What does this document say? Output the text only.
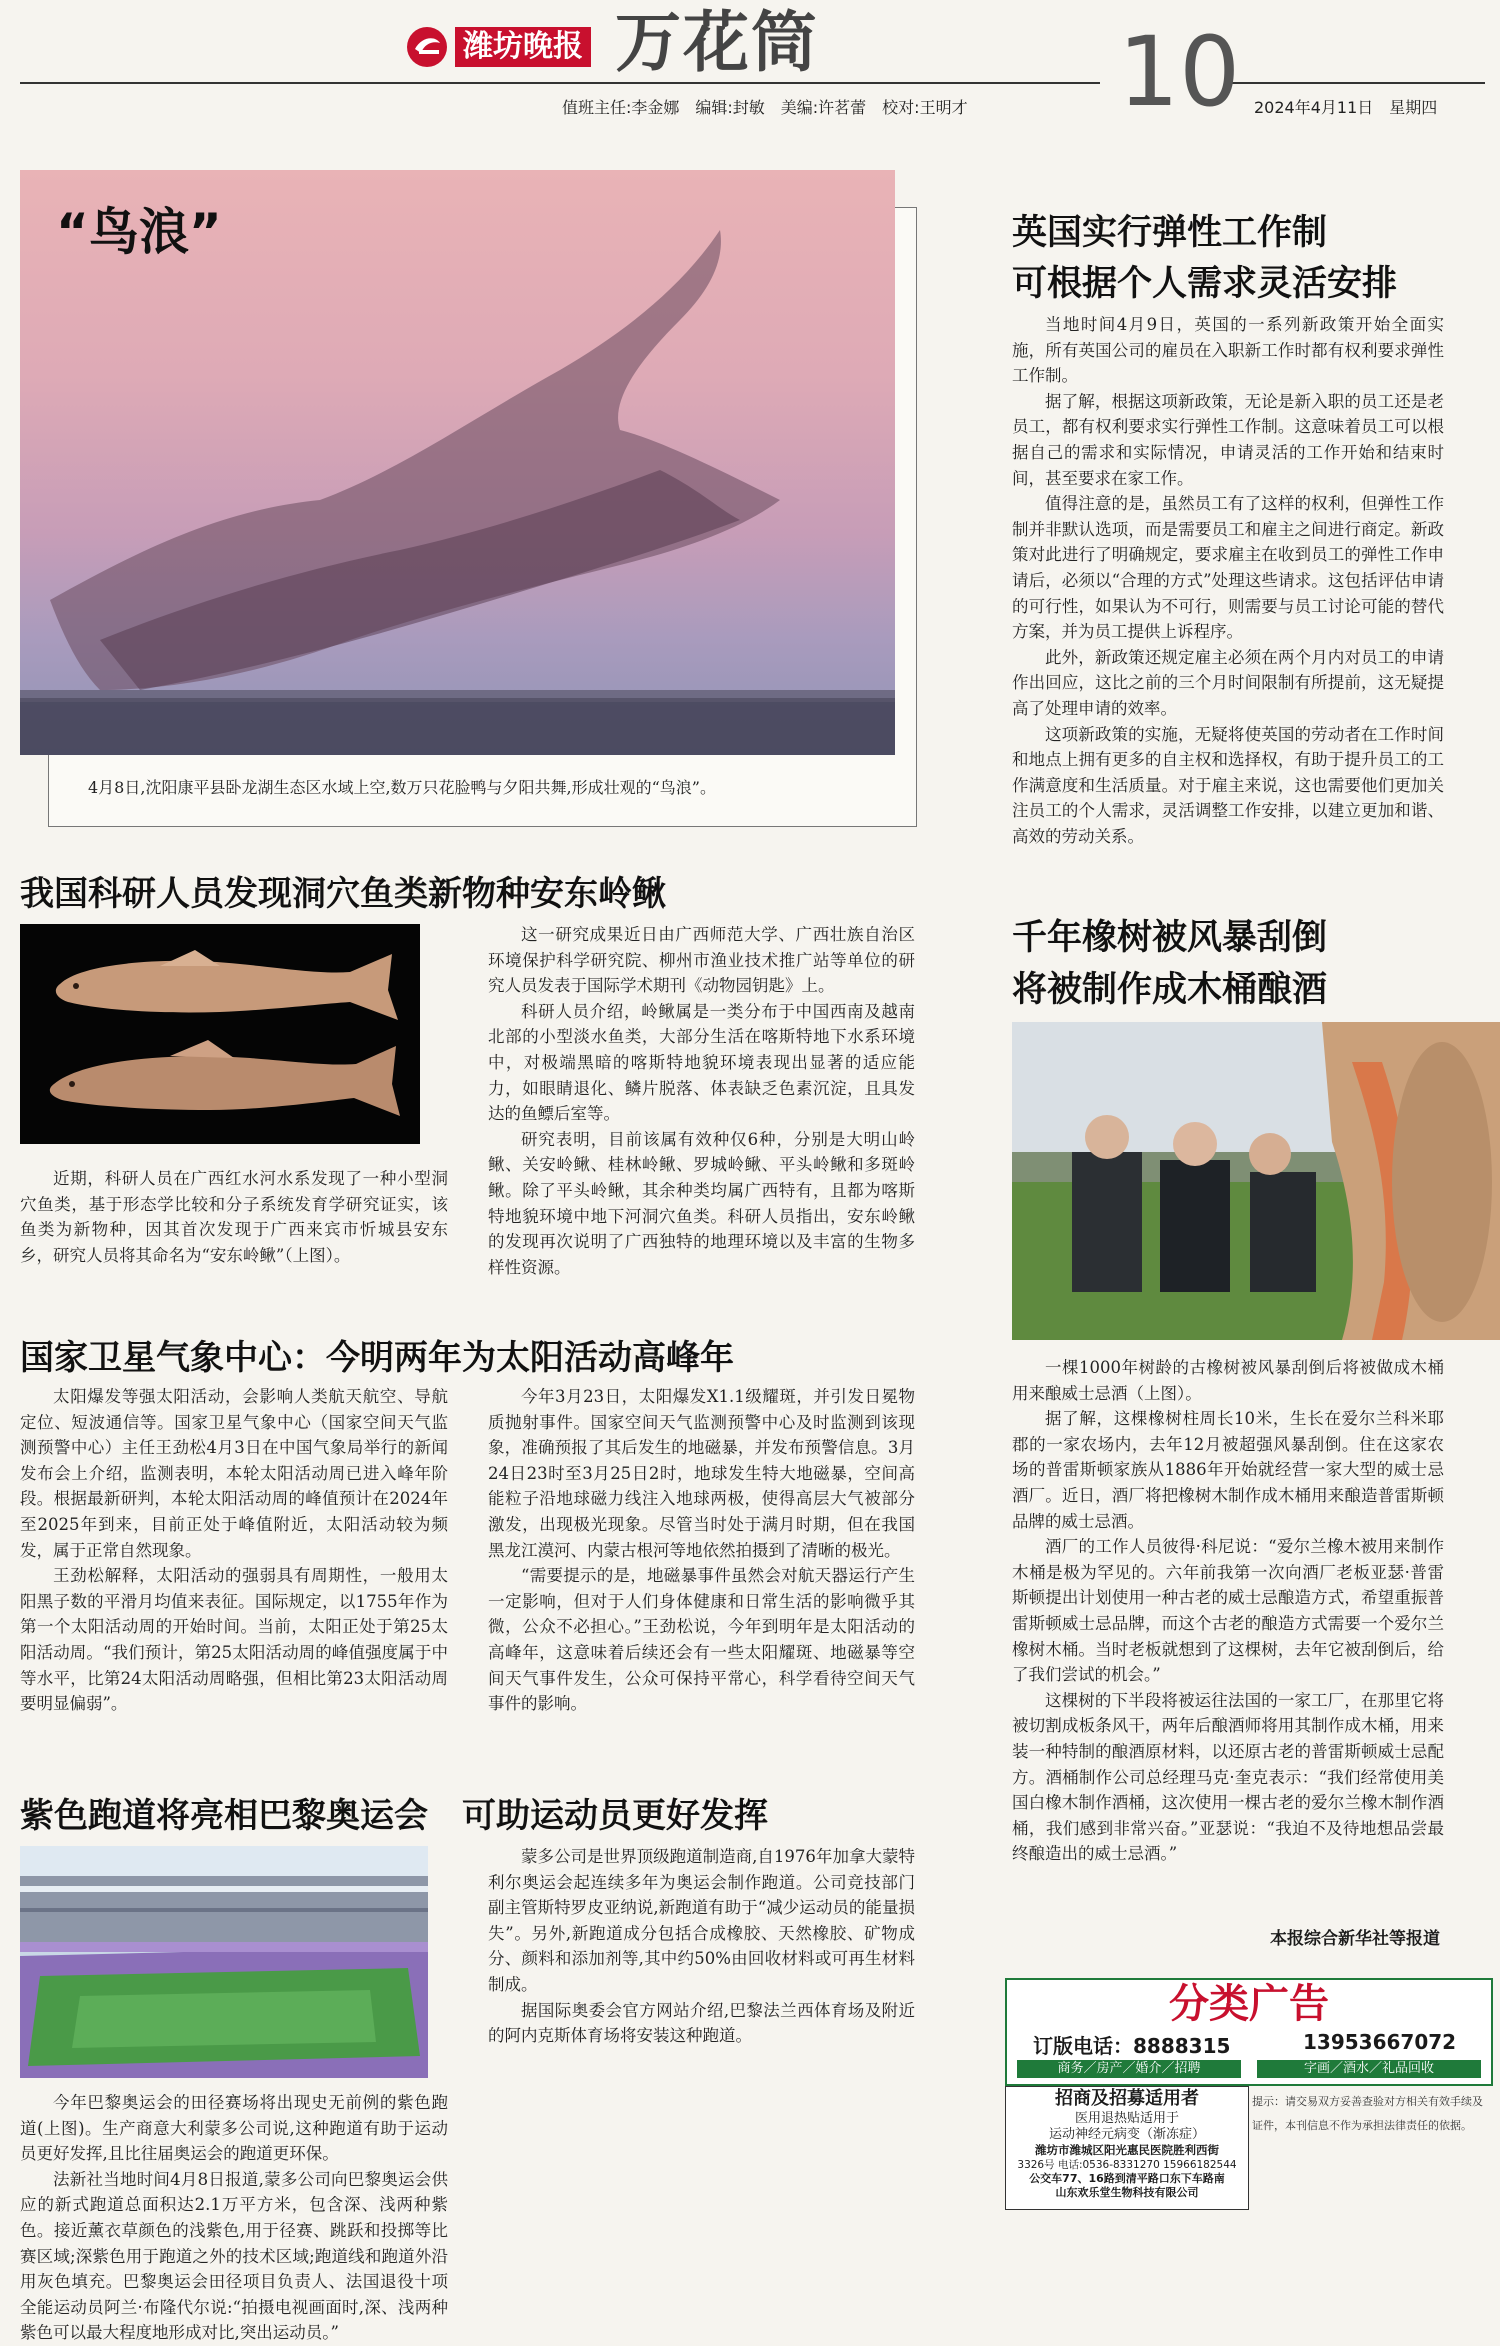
潍坊晚报 万花筒	10
值班主任:李金娜　编辑:封敏　美编:许茗蕾　校对:王明才	2024年4月11日　星期四
“鸟浪”
4月8日,沈阳康平县卧龙湖生态区水域上空,数万只花脸鸭与夕阳共舞,形成壮观的“鸟浪”。
我国科研人员发现洞穴鱼类新物种安东岭鳅

近期，科研人员在广西红水河水系发现了一种小型洞穴鱼类，基于形态学比较和分子系统发育学研究证实，该鱼类为新物种，因其首次发现于广西来宾市忻城县安东乡，研究人员将其命名为“安东岭鳅”（上图）。

这一研究成果近日由广西师范大学、广西壮族自治区环境保护科学研究院、柳州市渔业技术推广站等单位的研究人员发表于国际学术期刊《动物园钥匙》上。

科研人员介绍，岭鳅属是一类分布于中国西南及越南北部的小型淡水鱼类，大部分生活在喀斯特地下水系环境中，对极端黑暗的喀斯特地貌环境表现出显著的适应能力，如眼睛退化、鳞片脱落、体表缺乏色素沉淀，且具发达的鱼鳔后室等。

研究表明，目前该属有效种仅6种，分别是大明山岭鳅、关安岭鳅、桂林岭鳅、罗城岭鳅、平头岭鳅和多斑岭鳅。除了平头岭鳅，其余种类均属广西特有，且都为喀斯特地貌环境中地下河洞穴鱼类。科研人员指出，安东岭鳅的发现再次说明了广西独特的地理环境以及丰富的生物多样性资源。

国家卫星气象中心：今明两年为太阳活动高峰年

太阳爆发等强太阳活动，会影响人类航天航空、导航定位、短波通信等。国家卫星气象中心（国家空间天气监测预警中心）主任王劲松4月3日在中国气象局举行的新闻发布会上介绍，监测表明，本轮太阳活动周已进入峰年阶段。根据最新研判，本轮太阳活动周的峰值预计在2024年至2025年到来，目前正处于峰值附近，太阳活动较为频发，属于正常自然现象。

王劲松解释，太阳活动的强弱具有周期性，一般用太阳黑子数的平滑月均值来表征。国际规定，以1755年作为第一个太阳活动周的开始时间。当前，太阳正处于第25太阳活动周。“我们预计，第25太阳活动周的峰值强度属于中等水平，比第24太阳活动周略强，但相比第23太阳活动周要明显偏弱”。

今年3月23日，太阳爆发X1.1级耀斑，并引发日冕物质抛射事件。国家空间天气监测预警中心及时监测到该现象，准确预报了其后发生的地磁暴，并发布预警信息。3月24日23时至3月25日2时，地球发生特大地磁暴，空间高能粒子沿地球磁力线注入地球两极，使得高层大气被部分激发，出现极光现象。尽管当时处于满月时期，但在我国黑龙江漠河、内蒙古根河等地依然拍摄到了清晰的极光。

“需要提示的是，地磁暴事件虽然会对航天器运行产生一定影响，但对于人们身体健康和日常生活的影响微乎其微，公众不必担心。”王劲松说，今年到明年是太阳活动的高峰年，这意味着后续还会有一些太阳耀斑、地磁暴等空间天气事件发生，公众可保持平常心，科学看待空间天气事件的影响。

紫色跑道将亮相巴黎奥运会　可助运动员更好发挥

今年巴黎奥运会的田径赛场将出现史无前例的紫色跑道(上图)。生产商意大利蒙多公司说,这种跑道有助于运动员更好发挥,且比往届奥运会的跑道更环保。

法新社当地时间4月8日报道,蒙多公司向巴黎奥运会供应的新式跑道总面积达2.1万平方米，包含深、浅两种紫色。接近薰衣草颜色的浅紫色,用于径赛、跳跃和投掷等比赛区域;深紫色用于跑道之外的技术区域;跑道线和跑道外沿用灰色填充。巴黎奥运会田径项目负责人、法国退役十项全能运动员阿兰·布隆代尔说:“拍摄电视画面时,深、浅两种紫色可以最大程度地形成对比,突出运动员。”

蒙多公司是世界顶级跑道制造商,自1976年加拿大蒙特利尔奥运会起连续多年为奥运会制作跑道。公司竞技部门副主管斯特罗皮亚纳说,新跑道有助于“减少运动员的能量损失”。另外,新跑道成分包括合成橡胶、天然橡胶、矿物成分、颜料和添加剂等,其中约50%由回收材料或可再生材料制成。

据国际奥委会官方网站介绍,巴黎法兰西体育场及附近的阿内克斯体育场将安装这种跑道。

英国实行弹性工作制
可根据个人需求灵活安排

当地时间4月9日，英国的一系列新政策开始全面实施，所有英国公司的雇员在入职新工作时都有权利要求弹性工作制。

据了解，根据这项新政策，无论是新入职的员工还是老员工，都有权利要求实行弹性工作制。这意味着员工可以根据自己的需求和实际情况，申请灵活的工作开始和结束时间，甚至要求在家工作。

值得注意的是，虽然员工有了这样的权利，但弹性工作制并非默认选项，而是需要员工和雇主之间进行商定。新政策对此进行了明确规定，要求雇主在收到员工的弹性工作申请后，必须以“合理的方式”处理这些请求。这包括评估申请的可行性，如果认为不可行，则需要与员工讨论可能的替代方案，并为员工提供上诉程序。

此外，新政策还规定雇主必须在两个月内对员工的申请作出回应，这比之前的三个月时间限制有所提前，这无疑提高了处理申请的效率。

这项新政策的实施，无疑将使英国的劳动者在工作时间和地点上拥有更多的自主权和选择权，有助于提升员工的工作满意度和生活质量。对于雇主来说，这也需要他们更加关注员工的个人需求，灵活调整工作安排，以建立更加和谐、高效的劳动关系。

千年橡树被风暴刮倒
将被制作成木桶酿酒

一棵1000年树龄的古橡树被风暴刮倒后将被做成木桶用来酿威士忌酒（上图）。

据了解，这棵橡树柱周长10米，生长在爱尔兰科米耶郡的一家农场内，去年12月被超强风暴刮倒。住在这家农场的普雷斯顿家族从1886年开始就经营一家大型的威士忌酒厂。近日，酒厂将把橡树木制作成木桶用来酿造普雷斯顿品牌的威士忌酒。

酒厂的工作人员彼得·科尼说：“爱尔兰橡木被用来制作木桶是极为罕见的。六年前我第一次向酒厂老板亚瑟·普雷斯顿提出计划使用一种古老的威士忌酿造方式，希望重振普雷斯顿威士忌品牌，而这个古老的酿造方式需要一个爱尔兰橡树木桶。当时老板就想到了这棵树，去年它被刮倒后，给了我们尝试的机会。”

这棵树的下半段将被运往法国的一家工厂，在那里它将被切割成板条风干，两年后酿酒师将用其制作成木桶，用来装一种特制的酿酒原材料，以还原古老的普雷斯顿威士忌配方。酒桶制作公司总经理马克·奎克表示：“我们经常使用美国白橡木制作酒桶，这次使用一棵古老的爱尔兰橡木制作酒桶，我们感到非常兴奋。”亚瑟说：“我迫不及待地想品尝最终酿造出的威士忌酒。”

本报综合新华社等报道
分类广告
订版电话：8888315	13953667072
商务／房产／婚介／招聘	字画／酒水／礼品回收
招商及招募适用者
医用退热贴适用于
运动神经元病变（渐冻症）
潍坊市潍城区阳光惠民医院胜利西街
3326号 电话:0536-8331270 15966182544
公交车77、16路到清平路口东下车路南
山东欢乐堂生物科技有限公司
提示：请交易双方妥善查验对方相关有效手续及证件，本刊信息不作为承担法律责任的依据。
